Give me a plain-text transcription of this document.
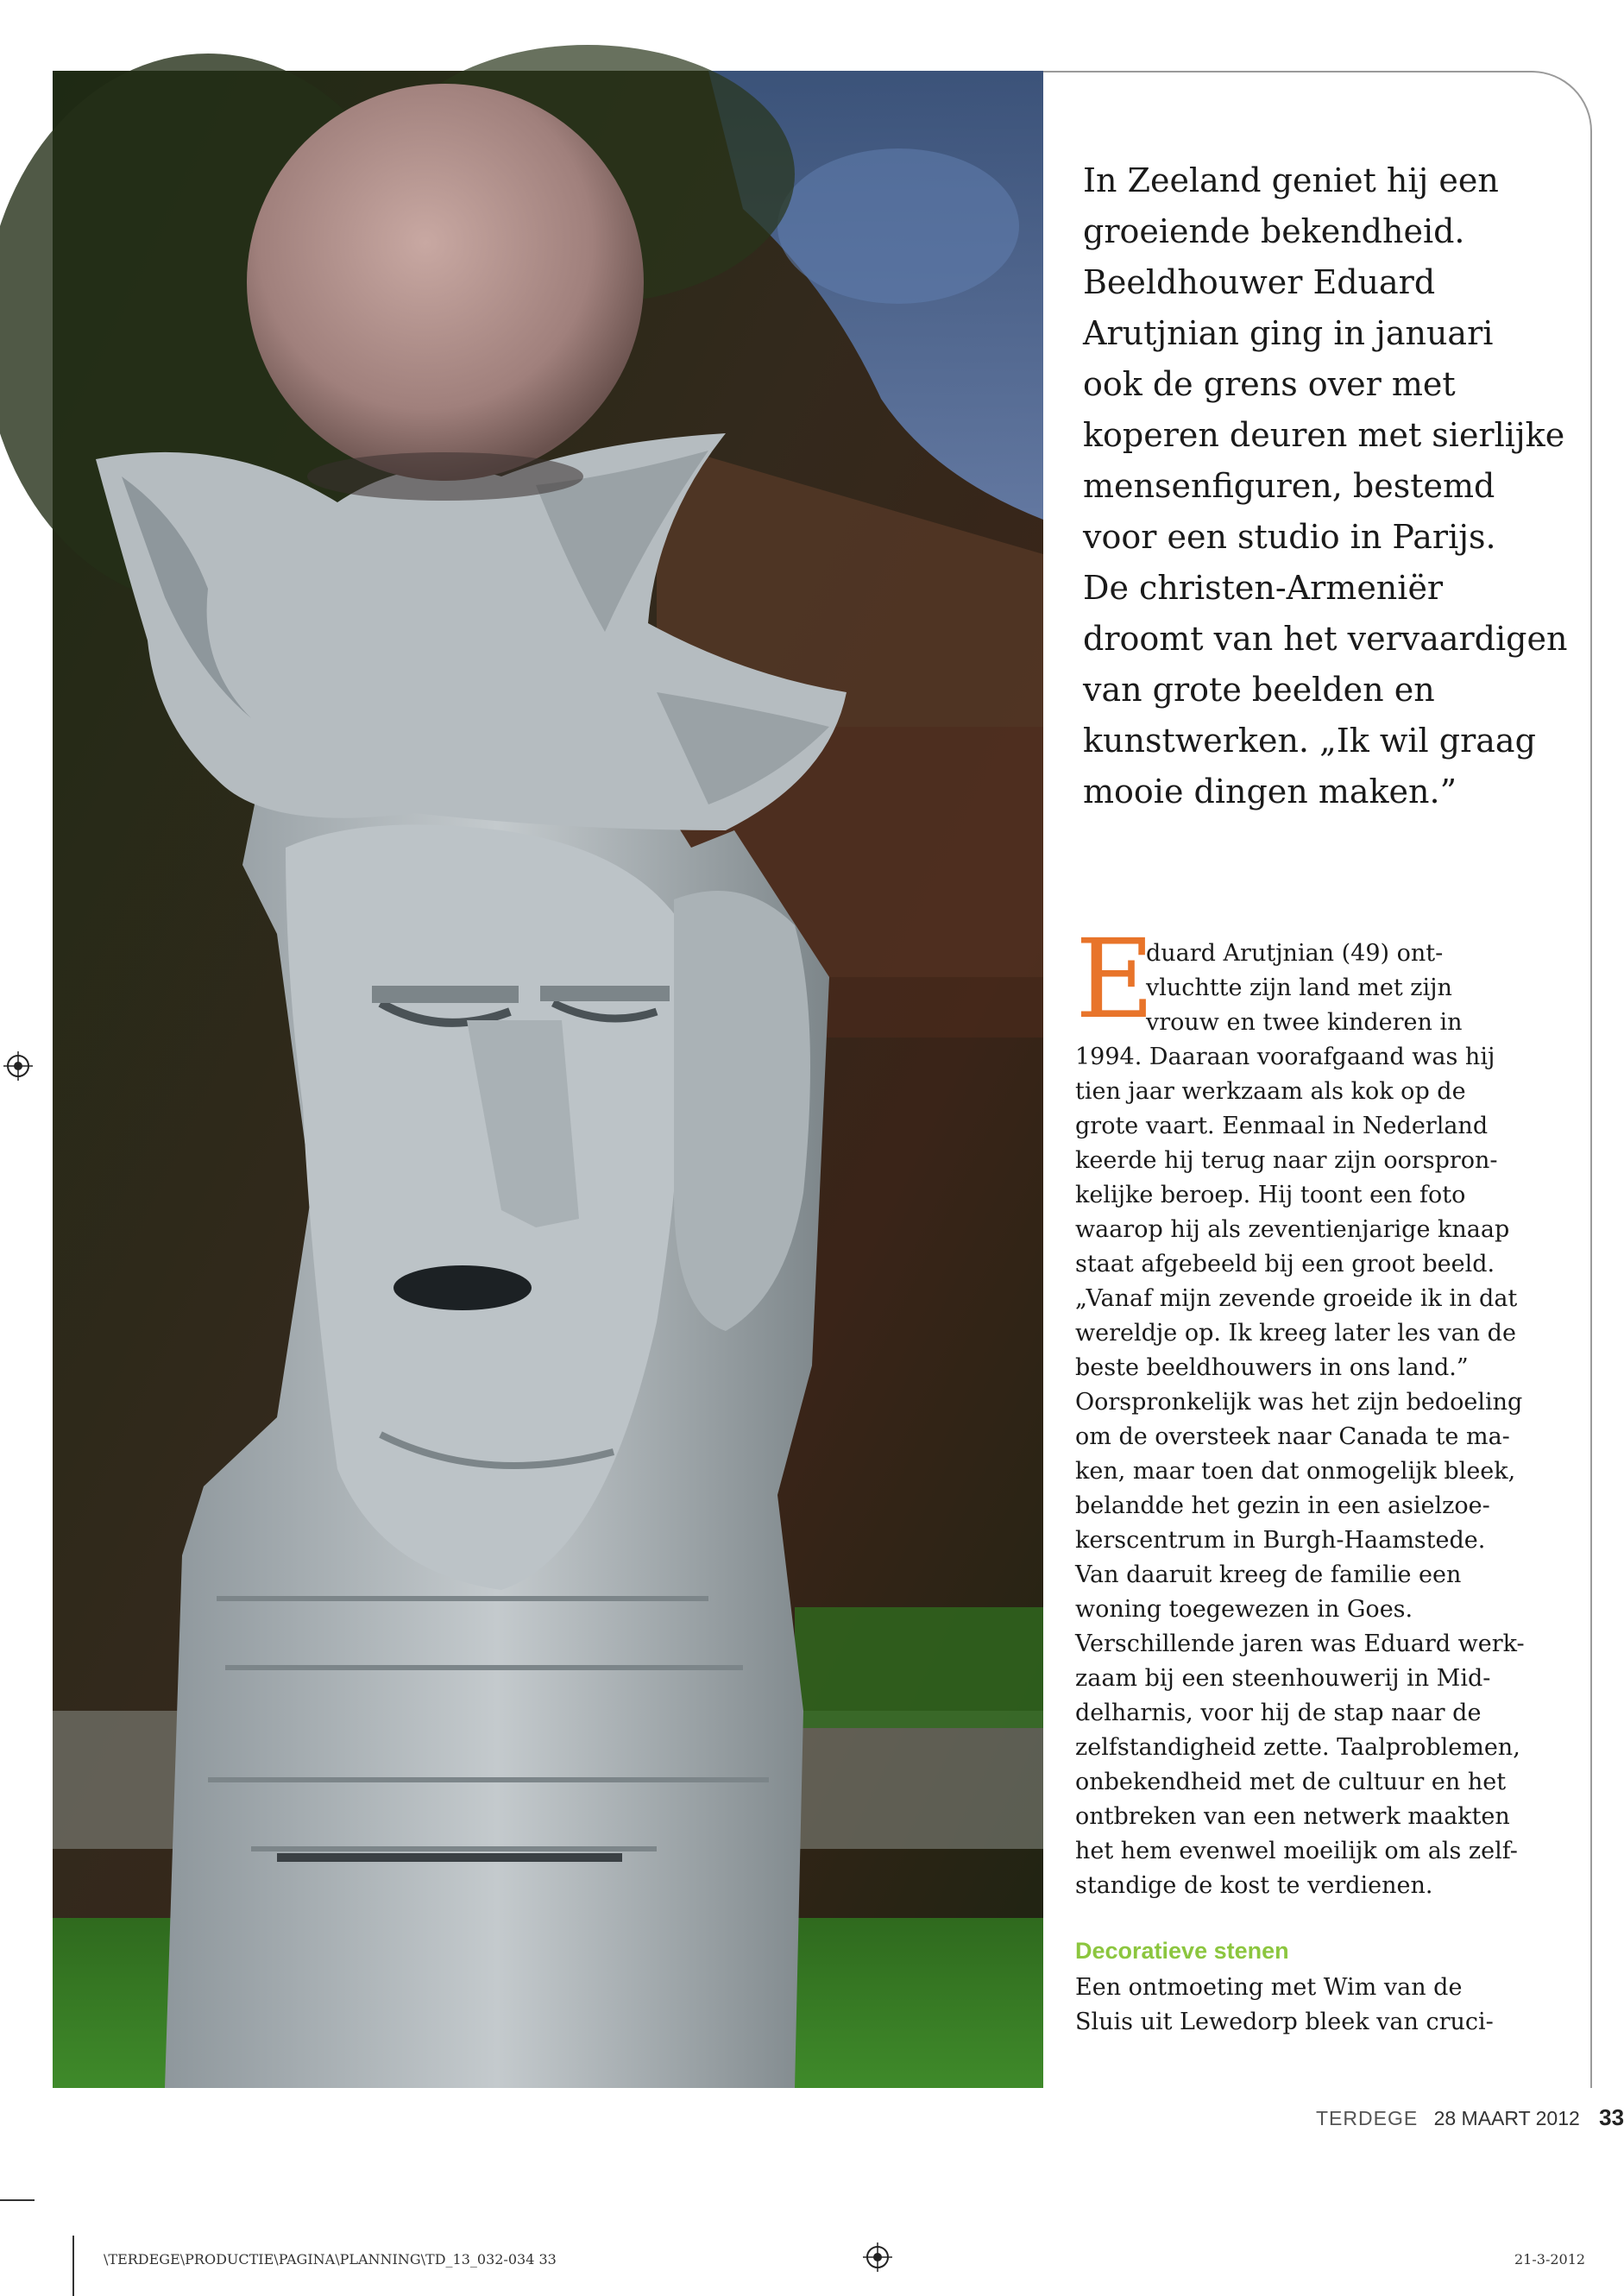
In Zeeland geniet hij een
groeiende bekendheid.
Beeldhouwer Eduard
Arutjnian ging in januari
ook de grens over met
koperen deuren met sierlijke
mensenfiguren, bestemd
voor een studio in Parijs.
De christen-Armeniër
droomt van het vervaardigen
van grote beelden en
kunstwerken. „Ik wil graag
mooie dingen maken.”
E
duard Arutjnian (49) ont-
vluchtte zijn land met zijn
vrouw en twee kinderen in
1994. Daaraan voorafgaand was hij
tien jaar werkzaam als kok op de
grote vaart. Eenmaal in Nederland
keerde hij terug naar zijn oorspron-
kelijke beroep. Hij toont een foto
waarop hij als zeventienjarige knaap
staat afgebeeld bij een groot beeld.
„Vanaf mijn zevende groeide ik in dat
wereldje op. Ik kreeg later les van de
beste beeldhouwers in ons land.”
Oorspronkelijk was het zijn bedoeling
om de oversteek naar Canada te ma-
ken, maar toen dat onmogelijk bleek,
belandde het gezin in een asielzoe-
kerscentrum in Burgh-Haamstede.
Van daaruit kreeg de familie een
woning toegewezen in Goes.
Verschillende jaren was Eduard werk-
zaam bij een steenhouwerij in Mid-
delharnis, voor hij de stap naar de
zelfstandigheid zette. Taalproblemen,
onbekendheid met de cultuur en het
ontbreken van een netwerk maakten
het hem evenwel moeilijk om als zelf-
standige de kost te verdienen.
Decoratieve stenen
Een ontmoeting met Wim van de
Sluis uit Lewedorp bleek van cruci-
TERDEGE 28 MAART 2012 33
\TERDEGE\PRODUCTIE\PAGINA\PLANNING\TD_13_032-034 33	21-3-2012
